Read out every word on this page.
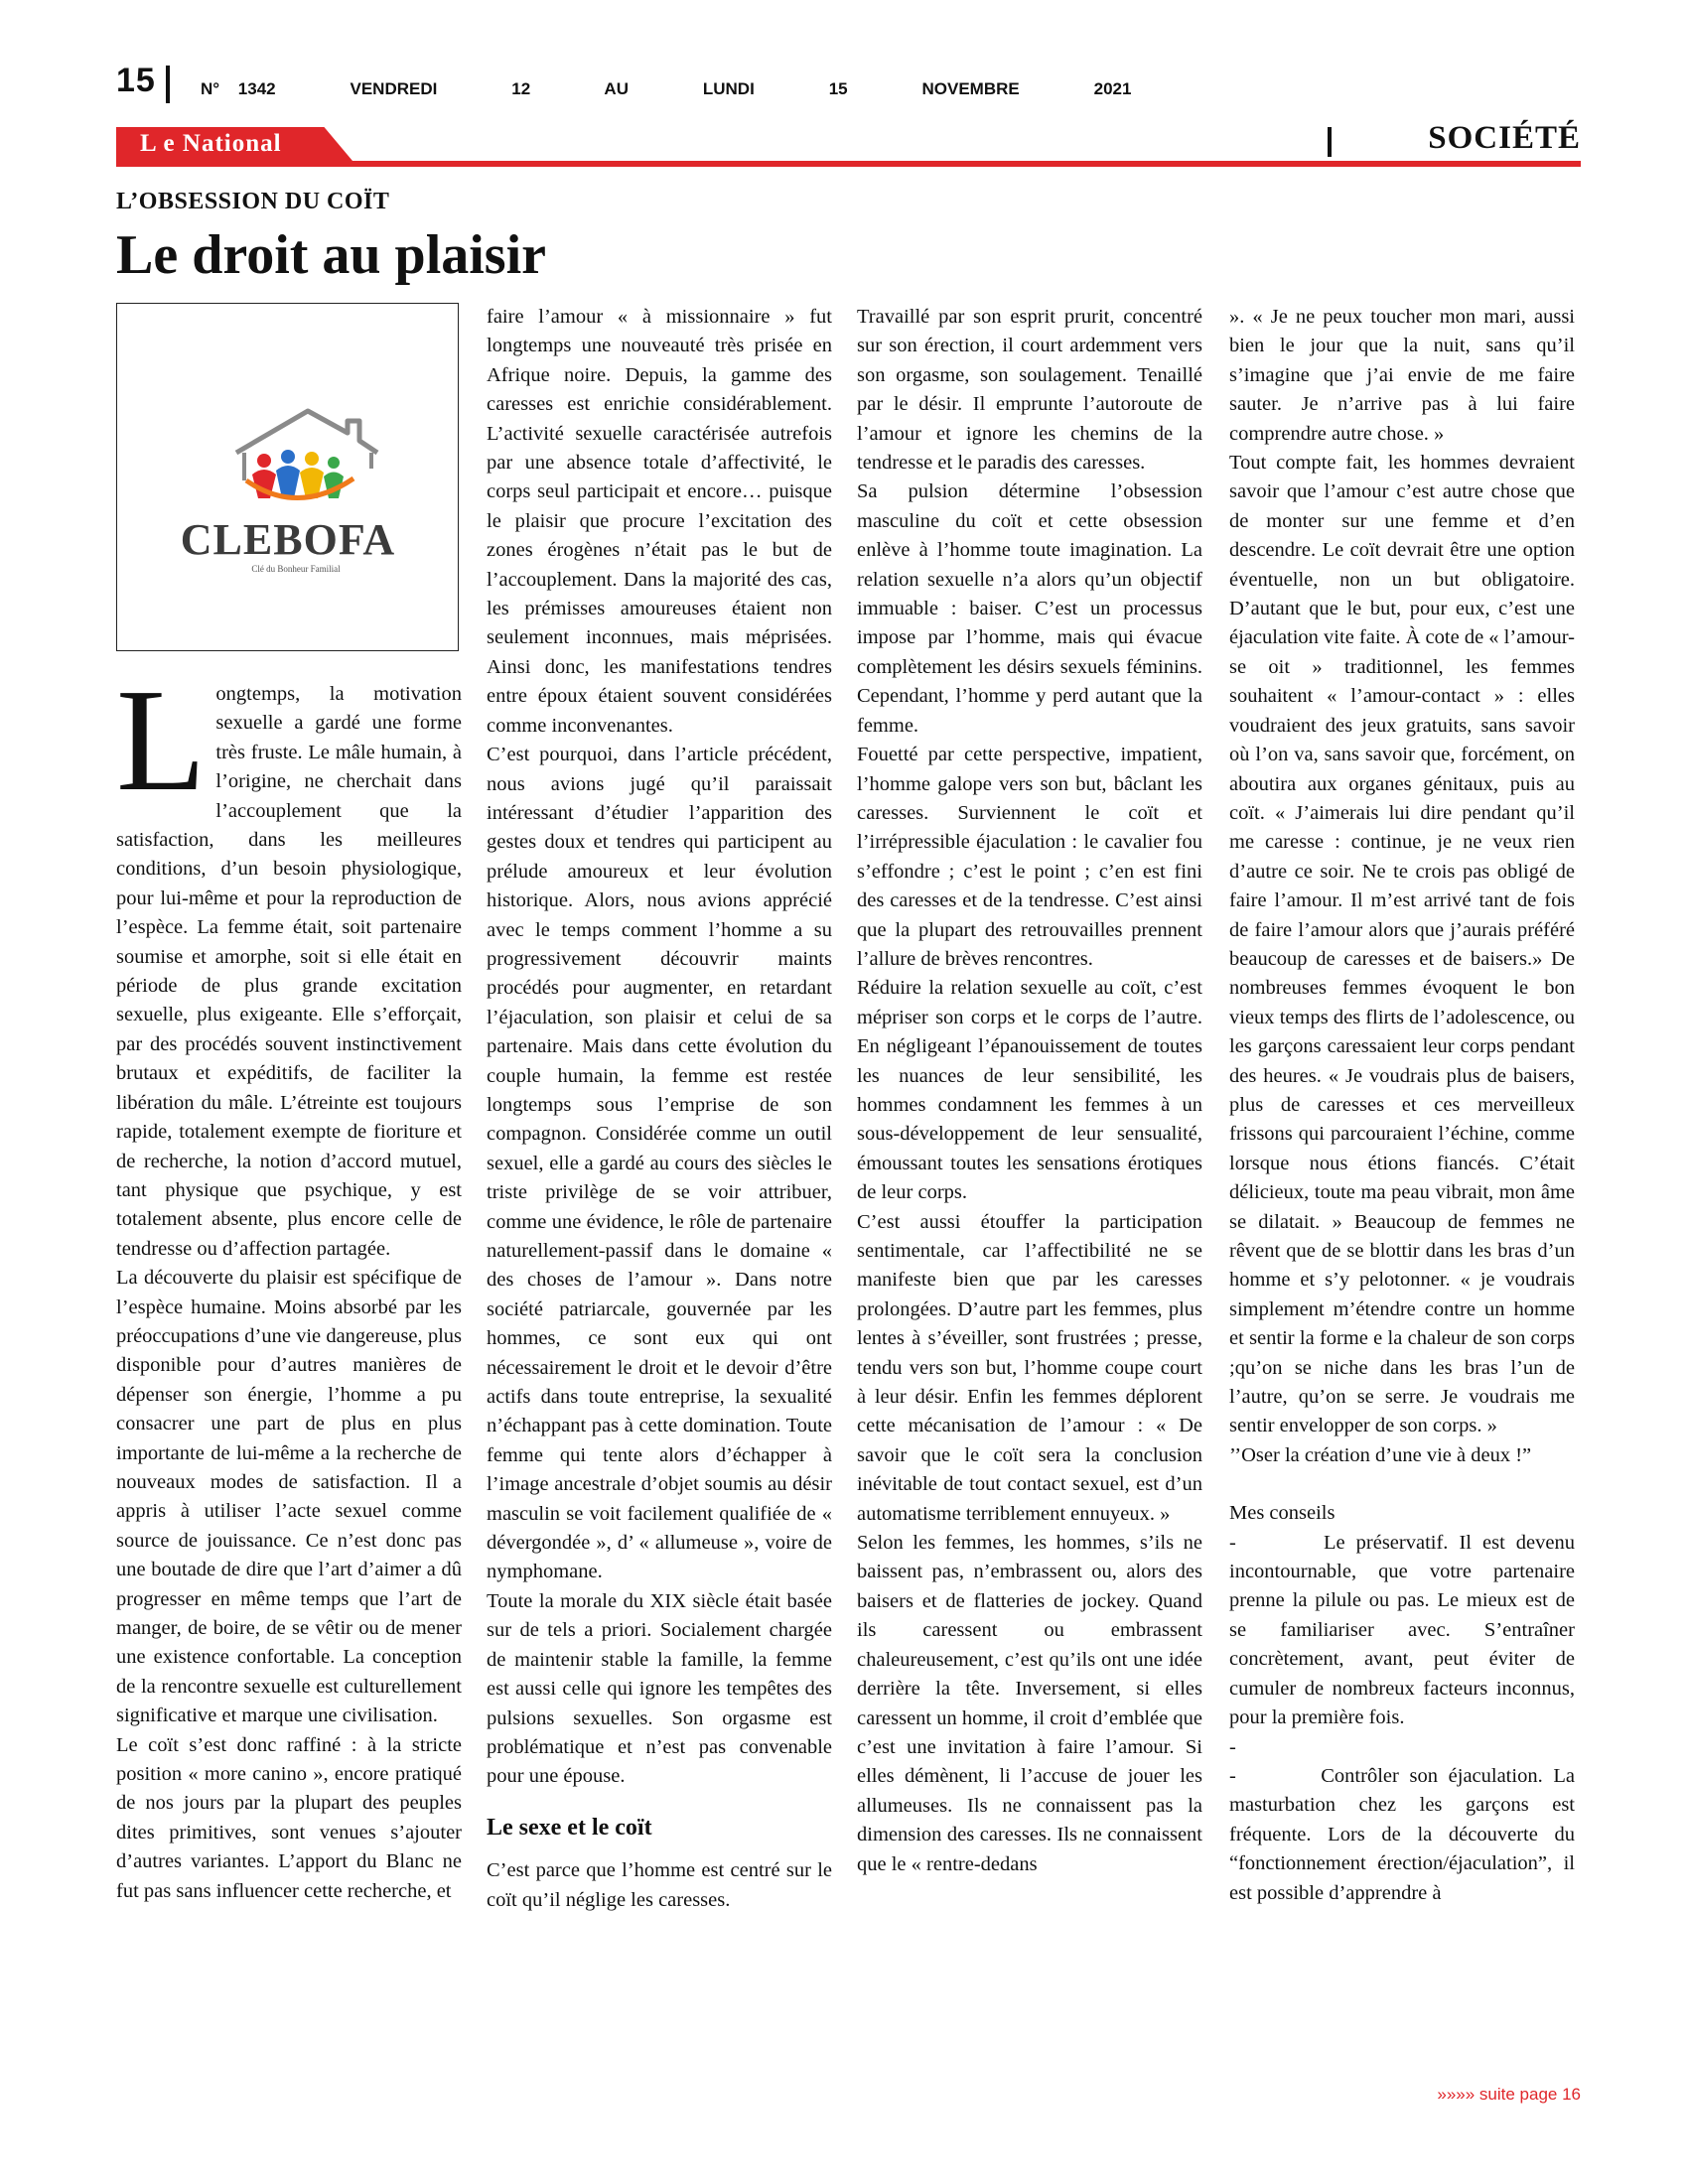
15	N° 1342    VENDREDI    12    AU    LUNDI    15    NOVEMBRE    2021
L e National	SOCIÉTÉ
L’OBSESSION DU COÏT
Le droit au plaisir
CLEBOFA
Clé du Bonheur Familial

Longtemps, la motivation sexuelle a gardé une forme très fruste. Le mâle humain, à l’origine, ne cherchait dans l’accouplement que la satisfaction, dans les meilleures conditions, d’un besoin physiologique, pour lui-même et pour la reproduction de l’espèce. La femme était, soit partenaire soumise et amorphe, soit si elle était en période de plus grande excitation sexuelle, plus exigeante. Elle s’efforçait, par des procédés souvent instinctivement brutaux et expéditifs, de faciliter la libération du mâle. L’étreinte est toujours rapide, totalement exempte de fioriture et de recherche, la notion d’accord mutuel, tant physique que psychique, y est totalement absente, plus encore celle de tendresse ou d’affection partagée.

La découverte du plaisir est spécifique de l’espèce humaine. Moins absorbé par les préoccupations d’une vie dangereuse, plus disponible pour d’autres manières de dépenser son énergie, l’homme a pu consacrer une part de plus en plus importante de lui-même a la recherche de nouveaux modes de satisfaction. Il a appris à utiliser l’acte sexuel comme source de jouissance. Ce n’est donc pas une boutade de dire que l’art d’aimer a dû progresser en même temps que l’art de manger, de boire, de se vêtir ou de mener une existence confortable. La conception de la rencontre sexuelle est culturellement significative et marque une civilisation.

Le coït s’est donc raffiné : à la stricte position « more canino », encore pratiqué de nos jours par la plupart des peuples dites primitives, sont venues s’ajouter d’autres variantes. L’apport du Blanc ne fut pas sans influencer cette recherche, et

faire l’amour « à missionnaire » fut longtemps une nouveauté très prisée en Afrique noire. Depuis, la gamme des caresses est enrichie considérablement. L’activité sexuelle caractérisée autrefois par une absence totale d’affectivité, le corps seul participait et encore… puisque le plaisir que procure l’excitation des zones érogènes n’était pas le but de l’accouplement. Dans la majorité des cas, les prémisses amoureuses étaient non seulement inconnues, mais méprisées. Ainsi donc, les manifestations tendres entre époux étaient souvent considérées comme inconvenantes.

C’est pourquoi, dans l’article précédent, nous avions jugé qu’il paraissait intéressant d’étudier l’apparition des gestes doux et tendres qui participent au prélude amoureux et leur évolution historique. Alors, nous avions apprécié avec le temps comment l’homme a su progressivement découvrir maints procédés pour augmenter, en retardant l’éjaculation, son plaisir et celui de sa partenaire. Mais dans cette évolution du couple humain, la femme est restée longtemps sous l’emprise de son compagnon. Considérée comme un outil sexuel, elle a gardé au cours des siècles le triste privilège de se voir attribuer, comme une évidence, le rôle de partenaire naturellement-passif dans le domaine « des choses de l’amour ». Dans notre société patriarcale, gouvernée par les hommes, ce sont eux qui ont nécessairement le droit et le devoir d’être actifs dans toute entreprise, la sexualité n’échappant pas à cette domination. Toute femme qui tente alors d’échapper à l’image ancestrale d’objet soumis au désir masculin se voit facilement qualifiée de « dévergondée », d’ « allumeuse », voire de nymphomane.

Toute la morale du XIX siècle était basée sur de tels a priori. Socialement chargée de maintenir stable la famille, la femme est aussi celle qui ignore les tempêtes des pulsions sexuelles. Son orgasme est problématique et n’est pas convenable pour une épouse.

Le sexe et le coït

C’est parce que l’homme est centré sur le coït qu’il néglige les caresses.

Travaillé par son esprit prurit, concentré sur son érection, il court ardemment vers son orgasme, son soulagement. Tenaillé par le désir. Il emprunte l’autoroute de l’amour et ignore les chemins de la tendresse et le paradis des caresses.

Sa pulsion détermine l’obsession masculine du coït et cette obsession enlève à l’homme toute imagination. La relation sexuelle n’a alors qu’un objectif immuable : baiser. C’est un processus impose par l’homme, mais qui évacue complètement les désirs sexuels féminins. Cependant, l’homme y perd autant que la femme.

Fouetté par cette perspective, impatient, l’homme galope vers son but, bâclant les caresses. Surviennent le coït et l’irrépressible éjaculation : le cavalier fou s’effondre ; c’est le point ; c’en est fini des caresses et de la tendresse. C’est ainsi que la plupart des retrouvailles prennent l’allure de brèves rencontres.

Réduire la relation sexuelle au coït, c’est mépriser son corps et le corps de l’autre. En négligeant l’épanouissement de toutes les nuances de leur sensibilité, les hommes condamnent les femmes à un sous-développement de leur sensualité, émoussant toutes les sensations érotiques de leur corps.

C’est aussi étouffer la participation sentimentale, car l’affectibilité ne se manifeste bien que par les caresses prolongées. D’autre part les femmes, plus lentes à s’éveiller, sont frustrées ; presse, tendu vers son but, l’homme coupe court à leur désir. Enfin les femmes déplorent cette mécanisation de l’amour : « De savoir que le coït sera la conclusion inévitable de tout contact sexuel, est d’un automatisme terriblement ennuyeux. »

Selon les femmes, les hommes, s’ils ne baissent pas, n’embrassent ou, alors des baisers et de flatteries de jockey. Quand ils caressent ou embrassent chaleureusement, c’est qu’ils ont une idée derrière la tête. Inversement, si elles caressent un homme, il croit d’emblée que c’est une invitation à faire l’amour. Si elles démènent, li l’accuse de jouer les allumeuses. Ils ne connaissent pas la dimension des caresses. Ils ne connaissent que le « rentre-dedans

». « Je ne peux toucher mon mari, aussi bien le jour que la nuit, sans qu’il s’imagine que j’ai envie de me faire sauter. Je n’arrive pas à lui faire comprendre autre chose. »

Tout compte fait, les hommes devraient savoir que l’amour c’est autre chose que de monter sur une femme et d’en descendre. Le coït devrait être une option éventuelle, non un but obligatoire. D’autant que le but, pour eux, c’est une éjaculation vite faite. À cote de « l’amour-se oit » traditionnel, les femmes souhaitent « l’amour-contact » : elles voudraient des jeux gratuits, sans savoir où l’on va, sans savoir que, forcément, on aboutira aux organes génitaux, puis au coït. « J’aimerais lui dire pendant qu’il me caresse : continue, je ne veux rien d’autre ce soir. Ne te crois pas obligé de faire l’amour. Il m’est arrivé tant de fois de faire l’amour alors que j’aurais préféré beaucoup de caresses et de baisers.» De nombreuses femmes évoquent le bon vieux temps des flirts de l’adolescence, ou les garçons caressaient leur corps pendant des heures. « Je voudrais plus de baisers, plus de caresses et ces merveilleux frissons qui parcouraient l’échine, comme lorsque nous étions fiancés. C’était délicieux, toute ma peau vibrait, mon âme se dilatait. » Beaucoup de femmes ne rêvent que de se blottir dans les bras d’un homme et s’y pelotonner. « je voudrais simplement m’étendre contre un homme et sentir la forme e la chaleur de son corps ;qu’on se niche dans les bras l’un de l’autre, qu’on se serre. Je voudrais me sentir envelopper de son corps. »

’’Oser la création d’une vie à deux !”

Mes conseils

-        Le préservatif. Il est devenu incontournable, que votre partenaire prenne la pilule ou pas. Le mieux est de se familiariser avec. S’entraîner concrètement, avant, peut éviter de cumuler de nombreux facteurs inconnus, pour la première fois.

-

-        Contrôler son éjaculation. La masturbation chez les garçons est fréquente. Lors de la découverte du “fonctionnement érection/éjaculation”, il est possible d’apprendre à

»»»» suite page 16
